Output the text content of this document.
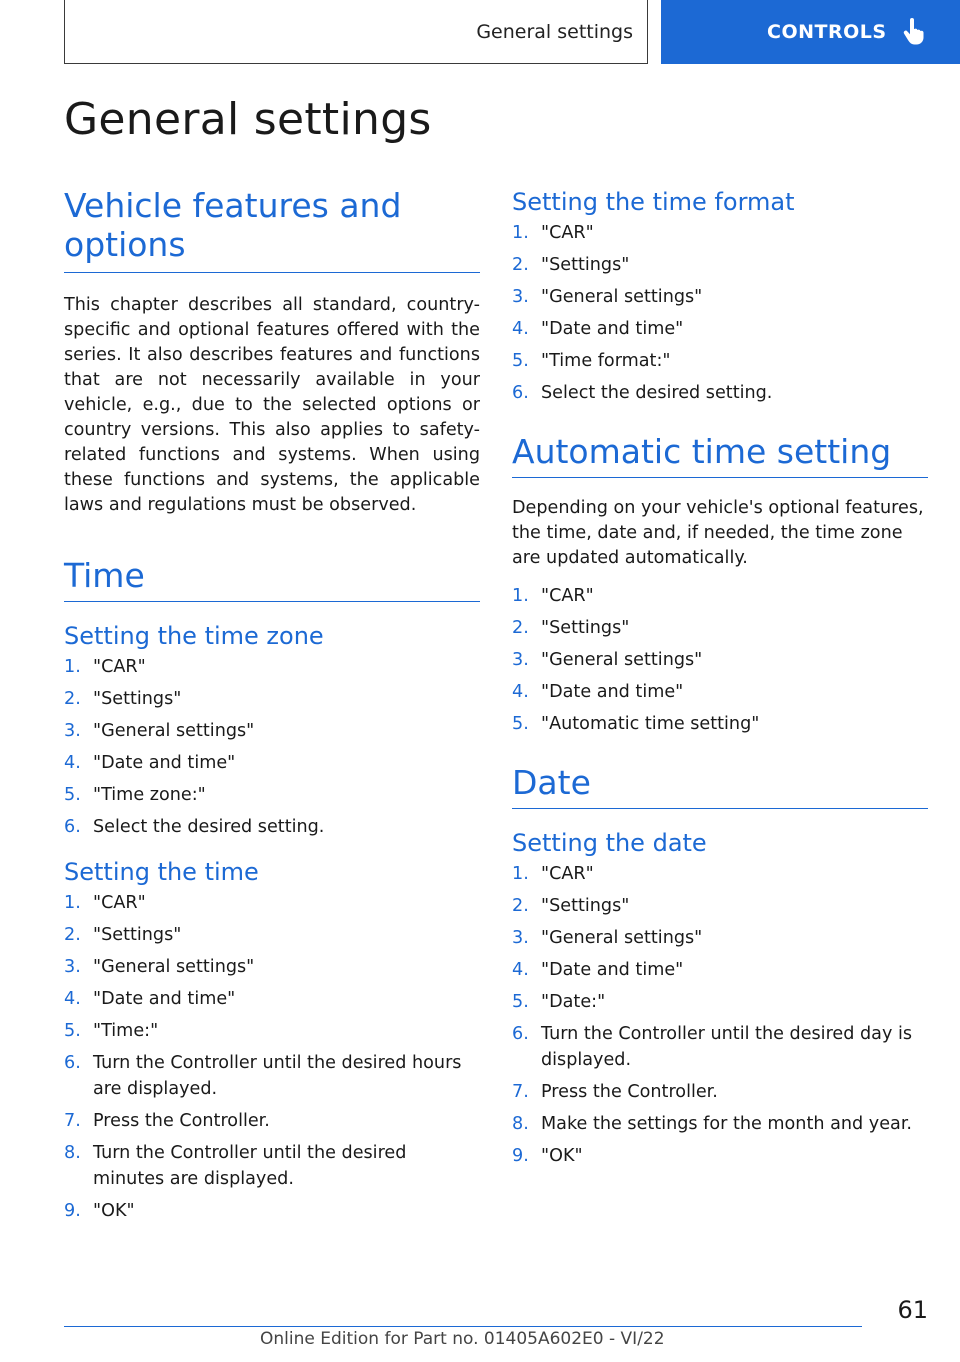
General settings	CONTROLS
General settings
Vehicle features and options

This chapter describes all standard, country-specific and optional features offered with the series. It also describes features and functions that are not necessarily available in your vehicle, e.g., due to the selected options or country versions. This also applies to safety-related functions and systems. When using these functions and systems, the applicable laws and regulations must be observed.

Time
Setting the time zone
1. "CAR"
2. "Settings"
3. "General settings"
4. "Date and time"
5. "Time zone:"
6. Select the desired setting.
Setting the time
1. "CAR"
2. "Settings"
3. "General settings"
4. "Date and time"
5. "Time:"
6. Turn the Controller until the desired hours are displayed.
7. Press the Controller.
8. Turn the Controller until the desired minutes are displayed.
9. "OK"
Setting the time format
1. "CAR"
2. "Settings"
3. "General settings"
4. "Date and time"
5. "Time format:"
6. Select the desired setting.
Automatic time setting

Depending on your vehicle's optional features, the time, date and, if needed, the time zone are updated automatically.

1. "CAR"
2. "Settings"
3. "General settings"
4. "Date and time"
5. "Automatic time setting"
Date
Setting the date
1. "CAR"
2. "Settings"
3. "General settings"
4. "Date and time"
5. "Date:"
6. Turn the Controller until the desired day is displayed.
7. Press the Controller.
8. Make the settings for the month and year.
9. "OK"
61
Online Edition for Part no. 01405A602E0 - VI/22
